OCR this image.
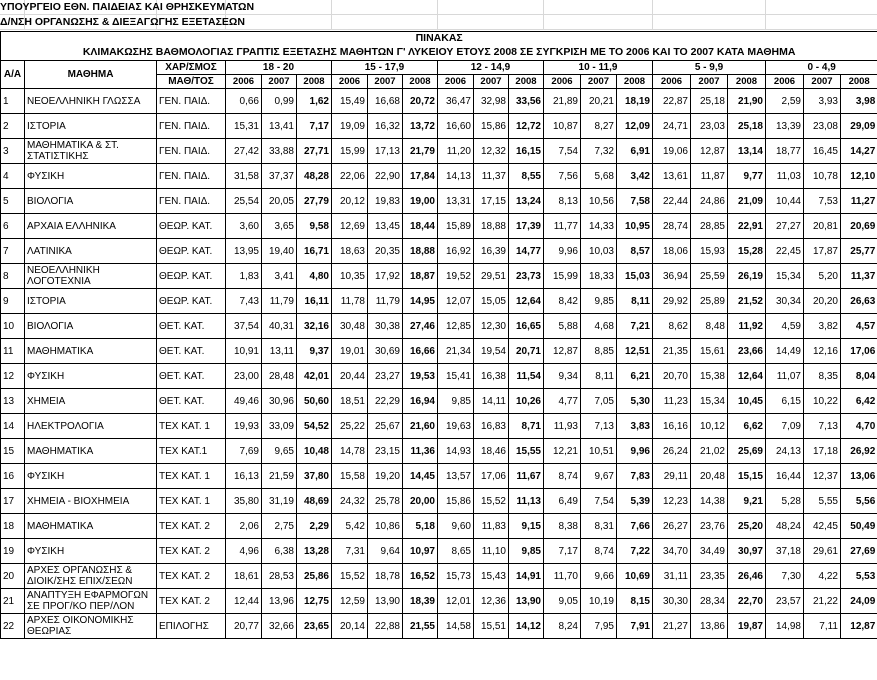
ΥΠΟΥΡΓΕΙΟ ΕΘΝ. ΠΑΙΔΕΙΑΣ ΚΑΙ ΘΡΗΣΚΕΥΜΑΤΩΝ
Δ/ΝΣΗ ΟΡΓΑΝΩΣΗΣ & ΔΙΕΞΑΓΩΓΗΣ ΕΞΕΤΑΣΕΩΝ
ΠΙΝΑΚΑΣ																				
ΚΛΙΜΑΚΩΣΗΣ ΒΑΘΜΟΛΟΓΙΑΣ ΓΡΑΠΤΙΣ ΕΞΕΤΑΣΗΣ ΜΑΘΗΤΩΝ Γ' ΛΥΚΕΙΟΥ ΕΤΟΥΣ 2008 ΣΕ ΣΥΓΚΡΙΣΗ ΜΕ ΤΟ 2006 ΚΑΙ ΤΟ 2007 ΚΑΤΑ ΜΑΘΗΜΑ																				
Α/Α	ΜΑΘΗΜΑ	ΧΑΡ/ΣΜΟΣ	18 - 20			15 - 17,9			12 - 14,9			10 - 11,9			5 - 9,9			0 - 4,9		
		ΜΑΘ/ΤΟΣ	2006	2007	2008	2006	2007	2008	2006	2007	2008	2006	2007	2008	2006	2007	2008	2006	2007	2008
1	ΝΕΟΕΛΛΗΝΙΚΗ ΓΛΩΣΣΑ	ΓΕΝ. ΠΑΙΔ.	0,66	0,99	1,62	15,49	16,68	20,72	36,47	32,98	33,56	21,89	20,21	18,19	22,87	25,18	21,90	2,59	3,93	3,98
2	ΙΣΤΟΡΙΑ	ΓΕΝ. ΠΑΙΔ.	15,31	13,41	7,17	19,09	16,32	13,72	16,60	15,86	12,72	10,87	8,27	12,09	24,71	23,03	25,18	13,39	23,08	29,09
3	ΜΑΘΗΜΑΤΙΚΑ & ΣΤ. ΣΤΑΤΙΣΤΙΚΗΣ	ΓΕΝ. ΠΑΙΔ.	27,42	33,88	27,71	15,99	17,13	21,79	11,20	12,32	16,15	7,54	7,32	6,91	19,06	12,87	13,14	18,77	16,45	14,27
4	ΦΥΣΙΚΗ	ΓΕΝ. ΠΑΙΔ.	31,58	37,37	48,28	22,06	22,90	17,84	14,13	11,37	8,55	7,56	5,68	3,42	13,61	11,87	9,77	11,03	10,78	12,10
5	ΒΙΟΛΟΓΙΑ	ΓΕΝ. ΠΑΙΔ.	25,54	20,05	27,79	20,12	19,83	19,00	13,31	17,15	13,24	8,13	10,56	7,58	22,44	24,86	21,09	10,44	7,53	11,27
6	ΑΡΧΑΙΑ ΕΛΛΗΝΙΚΑ	ΘΕΩΡ. ΚΑΤ.	3,60	3,65	9,58	12,69	13,45	18,44	15,89	18,88	17,39	11,77	14,33	10,95	28,74	28,85	22,91	27,27	20,81	20,69
7	ΛΑΤΙΝΙΚΑ	ΘΕΩΡ. ΚΑΤ.	13,95	19,40	16,71	18,63	20,35	18,88	16,92	16,39	14,77	9,96	10,03	8,57	18,06	15,93	15,28	22,45	17,87	25,77
8	ΝΕΟΕΛΛΗΝΙΚΗ ΛΟΓΟΤΕΧΝΙΑ	ΘΕΩΡ. ΚΑΤ.	1,83	3,41	4,80	10,35	17,92	18,87	19,52	29,51	23,73	15,99	18,33	15,03	36,94	25,59	26,19	15,34	5,20	11,37
9	ΙΣΤΟΡΙΑ	ΘΕΩΡ. ΚΑΤ.	7,43	11,79	16,11	11,78	11,79	14,95	12,07	15,05	12,64	8,42	9,85	8,11	29,92	25,89	21,52	30,34	20,20	26,63
10	ΒΙΟΛΟΓΙΑ	ΘΕΤ. ΚΑΤ.	37,54	40,31	32,16	30,48	30,38	27,46	12,85	12,30	16,65	5,88	4,68	7,21	8,62	8,48	11,92	4,59	3,82	4,57
11	ΜΑΘΗΜΑΤΙΚΑ	ΘΕΤ. ΚΑΤ.	10,91	13,11	9,37	19,01	30,69	16,66	21,34	19,54	20,71	12,87	8,85	12,51	21,35	15,61	23,66	14,49	12,16	17,06
12	ΦΥΣΙΚΗ	ΘΕΤ. ΚΑΤ.	23,00	28,48	42,01	20,44	23,27	19,53	15,41	16,38	11,54	9,34	8,11	6,21	20,70	15,38	12,64	11,07	8,35	8,04
13	ΧΗΜΕΙΑ	ΘΕΤ. ΚΑΤ.	49,46	30,96	50,60	18,51	22,29	16,94	9,85	14,11	10,26	4,77	7,05	5,30	11,23	15,34	10,45	6,15	10,22	6,42
14	ΗΛΕΚΤΡΟΛΟΓΙΑ	ΤΕΧ ΚΑΤ. 1	19,93	33,09	54,52	25,22	25,67	21,60	19,63	16,83	8,71	11,93	7,13	3,83	16,16	10,12	6,62	7,09	7,13	4,70
15	ΜΑΘΗΜΑΤΙΚΑ	ΤΕΧ ΚΑΤ.1	7,69	9,65	10,48	14,78	23,15	11,36	14,93	18,46	15,55	12,21	10,51	9,96	26,24	21,02	25,69	24,13	17,18	26,92
16	ΦΥΣΙΚΗ	ΤΕΧ ΚΑΤ. 1	16,13	21,59	37,80	15,58	19,20	14,45	13,57	17,06	11,67	8,74	9,67	7,83	29,11	20,48	15,15	16,44	12,37	13,06
17	ΧΗΜΕΙΑ - ΒΙΟΧΗΜΕΙΑ	ΤΕΧ ΚΑΤ. 1	35,80	31,19	48,69	24,32	25,78	20,00	15,86	15,52	11,13	6,49	7,54	5,39	12,23	14,38	9,21	5,28	5,55	5,56
18	ΜΑΘΗΜΑΤΙΚΑ	ΤΕΧ ΚΑΤ. 2	2,06	2,75	2,29	5,42	10,86	5,18	9,60	11,83	9,15	8,38	8,31	7,66	26,27	23,76	25,20	48,24	42,45	50,49
19	ΦΥΣΙΚΗ	ΤΕΧ ΚΑΤ. 2	4,96	6,38	13,28	7,31	9,64	10,97	8,65	11,10	9,85	7,17	8,74	7,22	34,70	34,49	30,97	37,18	29,61	27,69
20	ΑΡΧΕΣ ΟΡΓΑΝΩΣΗΣ & ΔΙΟΙΚ/ΣΗΣ ΕΠΙΧ/ΣΕΩΝ	ΤΕΧ ΚΑΤ. 2	18,61	28,53	25,86	15,52	18,78	16,52	15,73	15,43	14,91	11,70	9,66	10,69	31,11	23,35	26,46	7,30	4,22	5,53
21	ΑΝΑΠΤΥΞΗ ΕΦΑΡΜΟΓΩΝ ΣΕ ΠΡΟΓ/ΚΟ ΠΕΡ/ΛΟΝ	ΤΕΧ ΚΑΤ. 2	12,44	13,96	12,75	12,59	13,90	18,39	12,01	12,36	13,90	9,05	10,19	8,15	30,30	28,34	22,70	23,57	21,22	24,09
22	ΑΡΧΕΣ ΟΙΚΟΝΟΜΙΚΗΣ ΘΕΩΡΙΑΣ	ΕΠΙΛΟΓΗΣ	20,77	32,66	23,65	20,14	22,88	21,55	14,58	15,51	14,12	8,24	7,95	7,91	21,27	13,86	19,87	14,98	7,11	12,87
